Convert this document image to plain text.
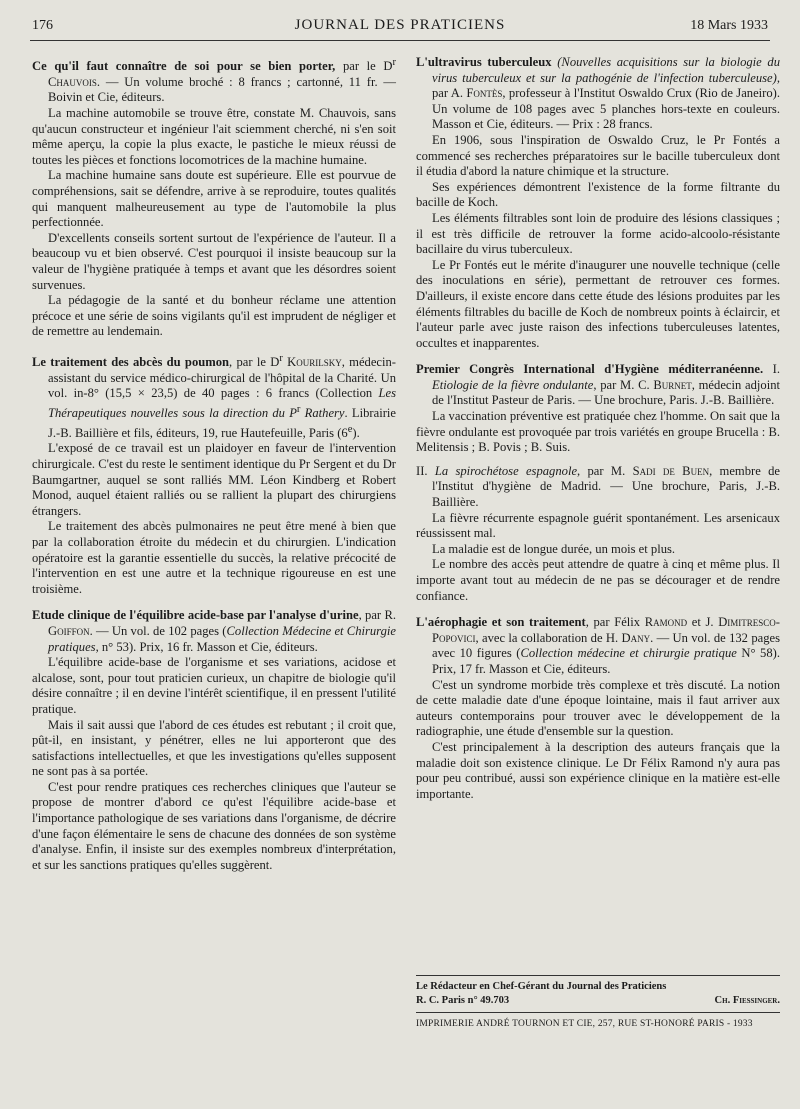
176	JOURNAL DES PRATICIENS	18 Mars 1933

Ce qu'il faut connaître de soi pour se bien porter, par le $D^r$ Chauvois. — Un volume broché : 8 francs ; cartonné, 11 fr. — Boivin et Cie, éditeurs.

La machine automobile se trouve être, constate M. Chauvois, sans qu'aucun constructeur et ingénieur l'ait sciemment cherché, ni s'en soit même aperçu, la copie la plus exacte, le pastiche le mieux réussi de toutes les pièces et fonctions locomotrices de la machine humaine.

La machine humaine sans doute est supérieure. Elle est pourvue de compréhensions, sait se défendre, arrive à se reproduire, toutes qualités qui manquent malheureusement au type de l'automobile la plus perfectionnée.

D'excellents conseils sortent surtout de l'expérience de l'auteur. Il a beaucoup vu et bien observé. C'est pourquoi il insiste beaucoup sur la valeur de l'hygiène pratiquée à temps et avant que les désordres soient survenues.

La pédagogie de la santé et du bonheur réclame une attention précoce et une série de soins vigilants qu'il est imprudent de négliger et de remettre au lendemain.

Le traitement des abcès du poumon, par le $D^r$ Kourilsky, médecin-assistant du service médico-chirurgical de l'hôpital de la Charité. Un vol. in-8° (15,5 × 23,5) de 40 pages : 6 francs (Collection Les Thérapeutiques nouvelles sous la direction du $P^r$ Rathery. Librairie J.-B. Baillière et fils, éditeurs, 19, rue Hautefeuille, Paris (6e).

L'exposé de ce travail est un plaidoyer en faveur de l'intervention chirurgicale. C'est du reste le sentiment identique du Pr Sergent et du Dr Baumgartner, auquel se sont ralliés MM. Léon Kindberg et Robert Monod, auquel étaient ralliés ou se rallient la plupart des chirurgiens étrangers.

Le traitement des abcès pulmonaires ne peut être mené à bien que par la collaboration étroite du médecin et du chirurgien. L'indication opératoire est la garantie essentielle du succès, la relative précocité de l'intervention en est une autre et la technique rigoureuse en est une troisième.

Etude clinique de l'équilibre acide-base par l'analyse d'urine, par R. Goiffon. — Un vol. de 102 pages (Collection Médecine et Chirurgie pratiques, n° 53). Prix, 16 fr. Masson et Cie, éditeurs.

L'équilibre acide-base de l'organisme et ses variations, acidose et alcalose, sont, pour tout praticien curieux, un chapitre de biologie qu'il désire connaître ; il en devine l'intérêt scientifique, il en pressent l'utilité pratique.

Mais il sait aussi que l'abord de ces études est rebutant ; il croit que, pût-il, en insistant, y pénétrer, elles ne lui apporteront que des satisfactions intellectuelles, et que les investigations qu'elles supposent ne sont pas à sa portée.

C'est pour rendre pratiques ces recherches cliniques que l'auteur se propose de montrer d'abord ce qu'est l'équilibre acide-base et l'importance pathologique de ses variations dans l'organisme, de décrire d'une façon élémentaire le sens de chacune des données de son système d'analyse. Enfin, il insiste sur des exemples nombreux d'interprétation, et sur les sanctions pratiques qu'elles suggèrent.

L'ultravirus tuberculeux (Nouvelles acquisitions sur la biologie du virus tuberculeux et sur la pathogénie de l'infection tuberculeuse), par A. Fontès, professeur à l'Institut Oswaldo Crux (Rio de Janeiro). Un volume de 108 pages avec 5 planches hors-texte en couleurs. Masson et Cie, éditeurs. — Prix : 28 francs.

En 1906, sous l'inspiration de Oswaldo Cruz, le Pr Fontés a commencé ses recherches préparatoires sur le bacille tuberculeux dont il étudia d'abord la nature chimique et la structure.

Ses expériences démontrent l'existence de la forme filtrante du bacille de Koch.

Les éléments filtrables sont loin de produire des lésions classiques ; il est très difficile de retrouver la forme acido-alcoolo-résistante bacillaire du virus tuberculeux.

Le Pr Fontés eut le mérite d'inaugurer une nouvelle technique (celle des inoculations en série), permettant de retrouver ces formes. D'ailleurs, il existe encore dans cette étude des lésions produites par les éléments filtrables du bacille de Koch de nombreux points à éclaircir, et l'auteur parle avec juste raison des infections tuberculeuses latentes, occultes et inapparentes.

Premier Congrès International d'Hygiène méditerranéenne. I. Etiologie de la fièvre ondulante, par M. C. Burnet, médecin adjoint de l'Institut Pasteur de Paris. — Une brochure, Paris. J.-B. Baillière.

La vaccination préventive est pratiquée chez l'homme. On sait que la fièvre ondulante est provoquée par trois variétés en groupe Brucella : B. Melitensis ; B. Povis ; B. Suis.

II. La spirochétose espagnole, par M. Sadi de Buen, membre de l'Institut d'hygiène de Madrid. — Une brochure, Paris, J.-B. Baillière.

La fièvre récurrente espagnole guérit spontanément. Les arsenicaux réussissent mal.

La maladie est de longue durée, un mois et plus.

Le nombre des accès peut attendre de quatre à cinq et même plus. Il importe avant tout au médecin de ne pas se décourager et de rendre confiance.

L'aérophagie et son traitement, par Félix Ramond et J. Dimitresco-Popovici, avec la collaboration de H. Dany. — Un vol. de 132 pages avec 10 figures (Collection médecine et chirurgie pratique N° 58). Prix, 17 fr. Masson et Cie, éditeurs.

C'est un syndrome morbide très complexe et très discuté. La notion de cette maladie date d'une époque lointaine, mais il faut arriver aux auteurs contemporains pour trouver avec le développement de la radiographie, une étude d'ensemble sur la question.

C'est principalement à la description des auteurs français que la maladie doit son existence clinique. Le Dr Félix Ramond n'y aura pas pour peu contribué, aussi son expérience clinique en la matière est-elle importante.

Le Rédacteur en Chef-Gérant du Journal des Praticiens
R. C. Paris n° 49.703	Ch. Fiessinger.
IMPRIMERIE ANDRÉ TOURNON ET CIE, 257, RUE ST-HONORÉ PARIS - 1933
